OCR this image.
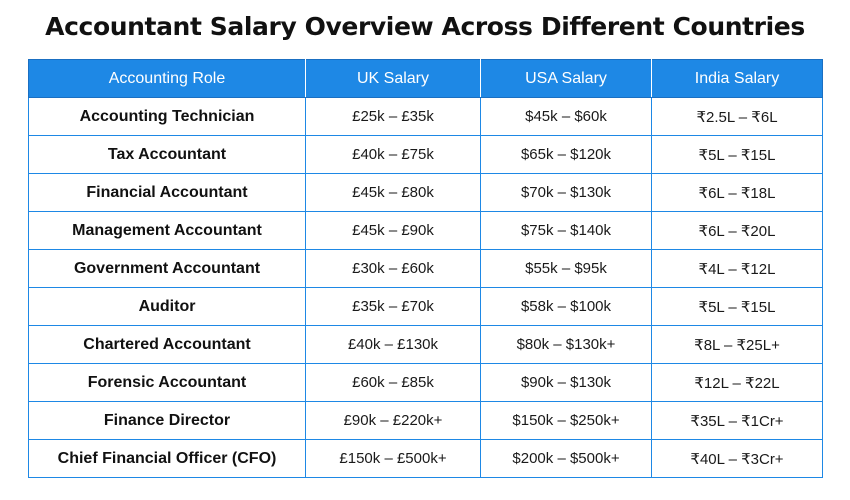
Accountant Salary Overview Across Different Countries
Accounting Role	UK Salary	USA Salary	India Salary
Accounting Technician	£25k – £35k	$45k – $60k	₹2.5L – ₹6L
Tax Accountant	£40k – £75k	$65k – $120k	₹5L – ₹15L
Financial Accountant	£45k – £80k	$70k – $130k	₹6L – ₹18L
Management Accountant	£45k – £90k	$75k – $140k	₹6L – ₹20L
Government Accountant	£30k – £60k	$55k – $95k	₹4L – ₹12L
Auditor	£35k – £70k	$58k – $100k	₹5L – ₹15L
Chartered Accountant	£40k – £130k	$80k – $130k+	₹8L – ₹25L+
Forensic Accountant	£60k – £85k	$90k – $130k	₹12L – ₹22L
Finance Director	£90k – £220k+	$150k – $250k+	₹35L – ₹1Cr+
Chief Financial Officer (CFO)	£150k – £500k+	$200k – $500k+	₹40L – ₹3Cr+
